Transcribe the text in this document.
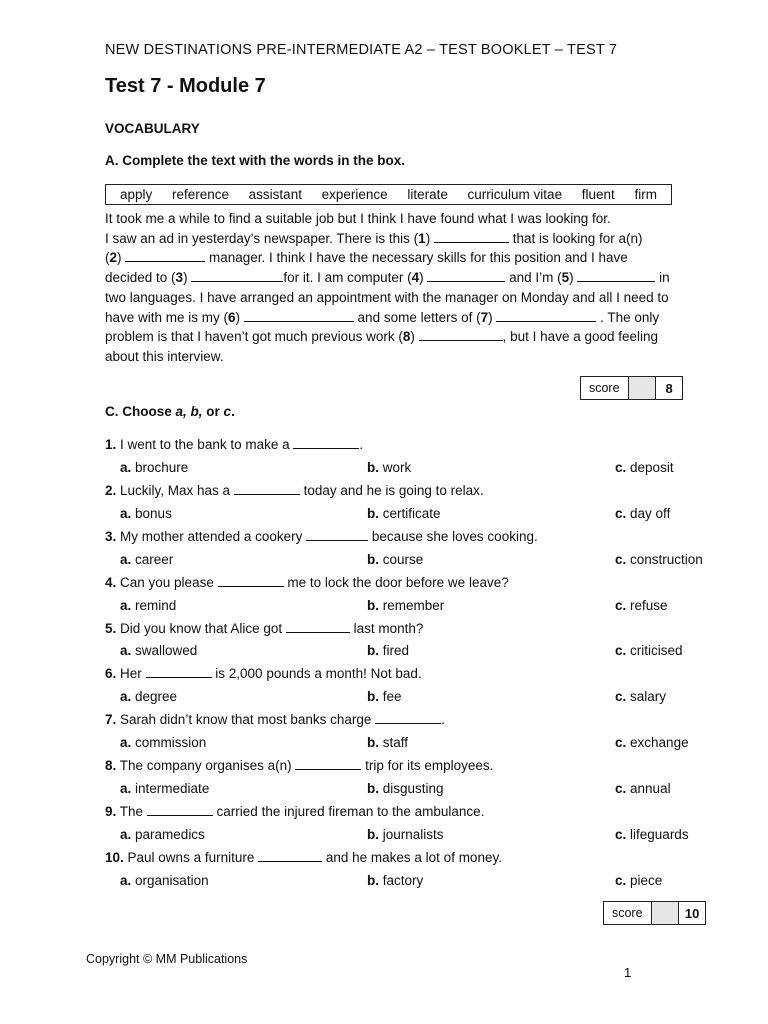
NEW DESTINATIONS PRE-INTERMEDIATE A2 – TEST BOOKLET – TEST 7
Test 7 - Module 7
VOCABULARY
A. Complete the text with the words in the box.
apply reference assistant experience literate curriculum vitae fluent firm

It took me a while to find a suitable job but I think I have found what I was looking for.

I saw an ad in yesterday’s newspaper. There is this (1)	that is looking for a(n)

(2)	manager. I think I have the necessary skills for this position and I have

decided to (3)	for it. I am computer (4)	and I’m (5)	in

two languages. I have arranged an appointment with the manager on Monday and all I need to

have with me is my (6)	and some letters of (7)	. The only

problem is that I haven’t got much previous work (8)	, but I have a good feeling

about this interview.

score	8
C. Choose a, b, or c.
1. I went to the bank to make a	.
a. brochure	b. work	c. deposit
2. Luckily, Max has a	today and he is going to relax.
a. bonus	b. certificate	c. day off
3. My mother attended a cookery	because she loves cooking.
a. career	b. course	c. construction
4. Can you please	me to lock the door before we leave?
a. remind	b. remember	c. refuse
5. Did you know that Alice got	last month?
a. swallowed	b. fired	c. criticised
6. Her	is 2,000 pounds a month! Not bad.
a. degree	b. fee	c. salary
7. Sarah didn’t know that most banks charge	.
a. commission	b. staff	c. exchange
8. The company organises a(n)	trip for its employees.
a. intermediate	b. disgusting	c. annual
9. The	carried the injured fireman to the ambulance.
a. paramedics	b. journalists	c. lifeguards
10. Paul owns a furniture	and he makes a lot of money.
a. organisation	b. factory	c. piece
score	10
Copyright © MM Publications
1
